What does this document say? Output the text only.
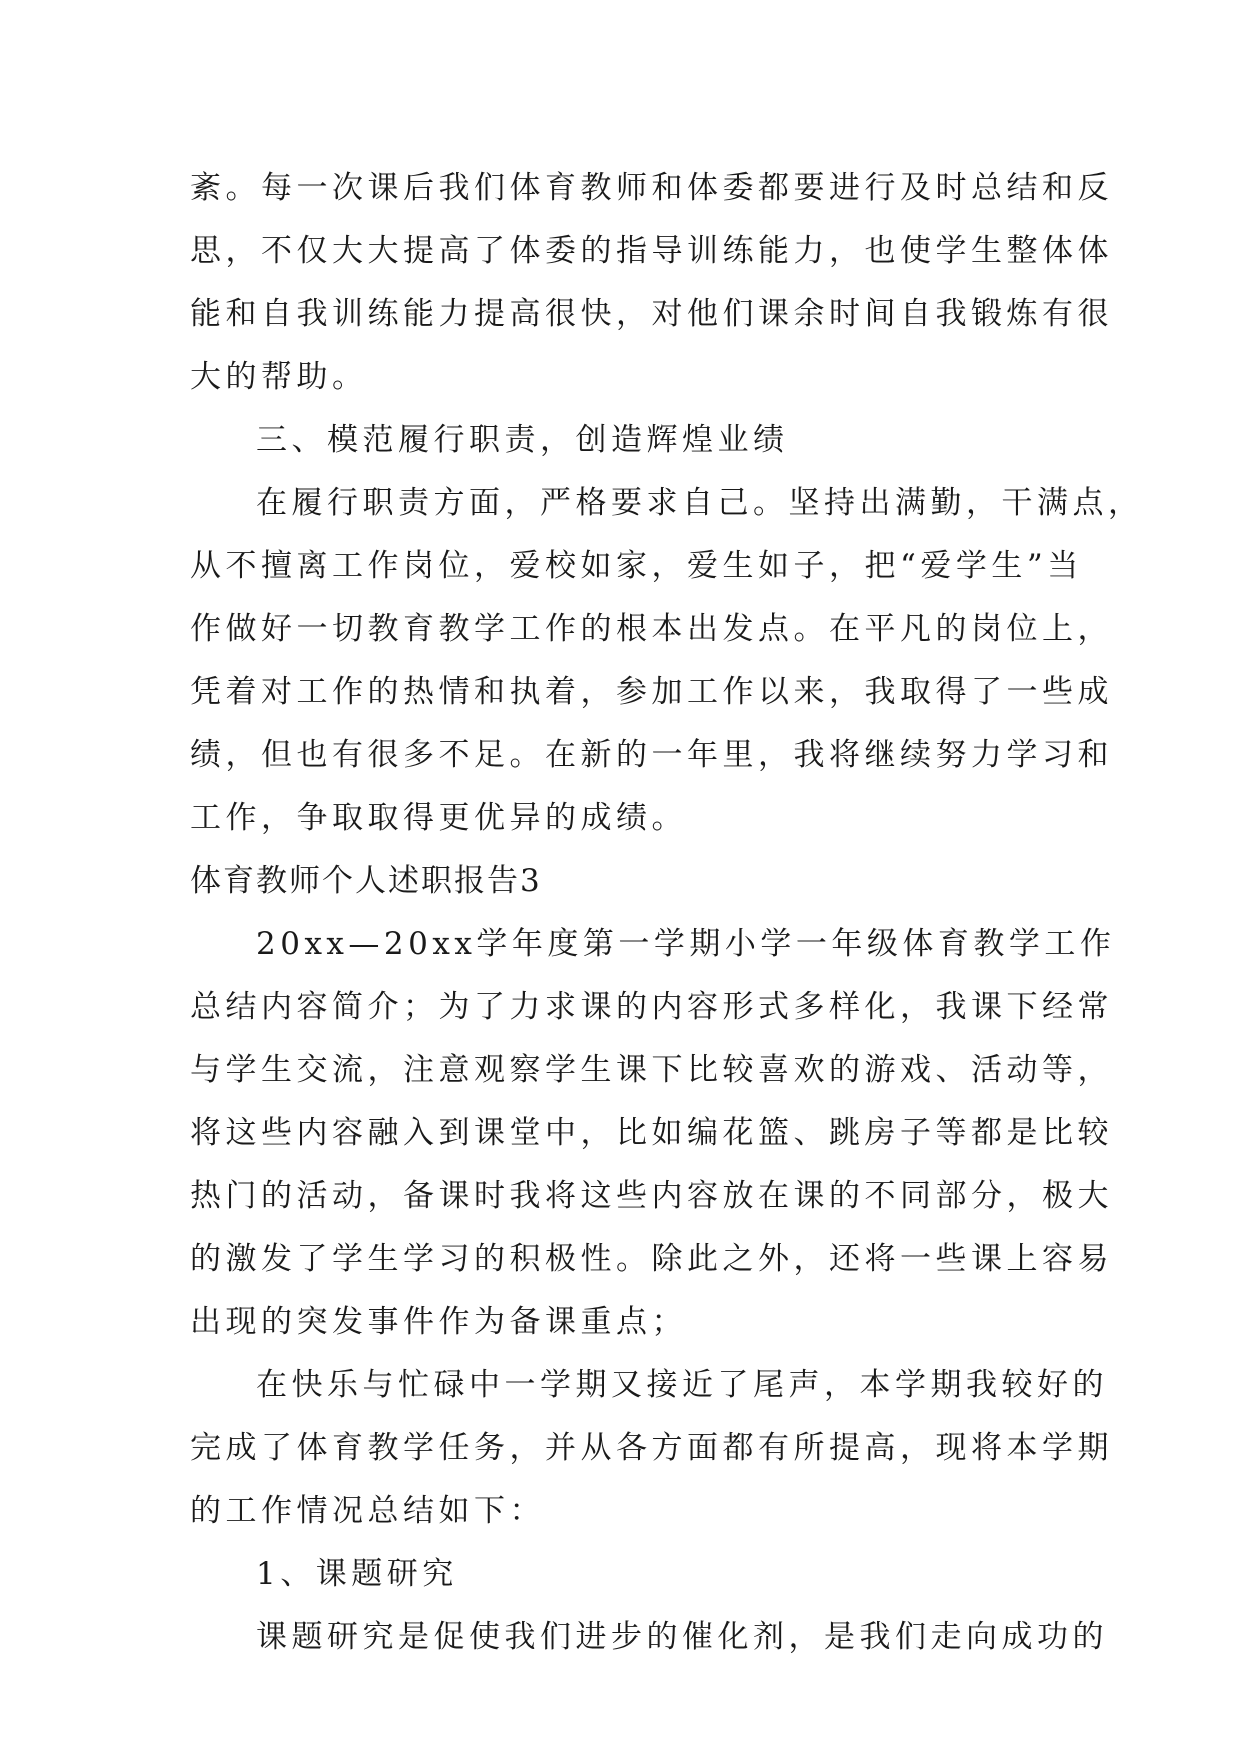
紊。每一次课后我们体育教师和体委都要进行及时总结和反
思，不仅大大提高了体委的指导训练能力，也使学生整体体
能和自我训练能力提高很快，对他们课余时间自我锻炼有很
大的帮助。
三、模范履行职责，创造辉煌业绩
在履行职责方面，严格要求自己。坚持出满勤，干满点，
从不擅离工作岗位，爱校如家，爱生如子，把“爱学生”当
作做好一切教育教学工作的根本出发点。在平凡的岗位上，
凭着对工作的热情和执着，参加工作以来，我取得了一些成
绩，但也有很多不足。在新的一年里，我将继续努力学习和
工作，争取取得更优异的成绩。
体育教师个人述职报告3
20xx—20xx学年度第一学期小学一年级体育教学工作
总结内容简介；为了力求课的内容形式多样化，我课下经常
与学生交流，注意观察学生课下比较喜欢的游戏、活动等，
将这些内容融入到课堂中，比如编花篮、跳房子等都是比较
热门的活动，备课时我将这些内容放在课的不同部分，极大
的激发了学生学习的积极性。除此之外，还将一些课上容易
出现的突发事件作为备课重点；
在快乐与忙碌中一学期又接近了尾声，本学期我较好的
完成了体育教学任务，并从各方面都有所提高，现将本学期
的工作情况总结如下：
1、课题研究
课题研究是促使我们进步的催化剂，是我们走向成功的
